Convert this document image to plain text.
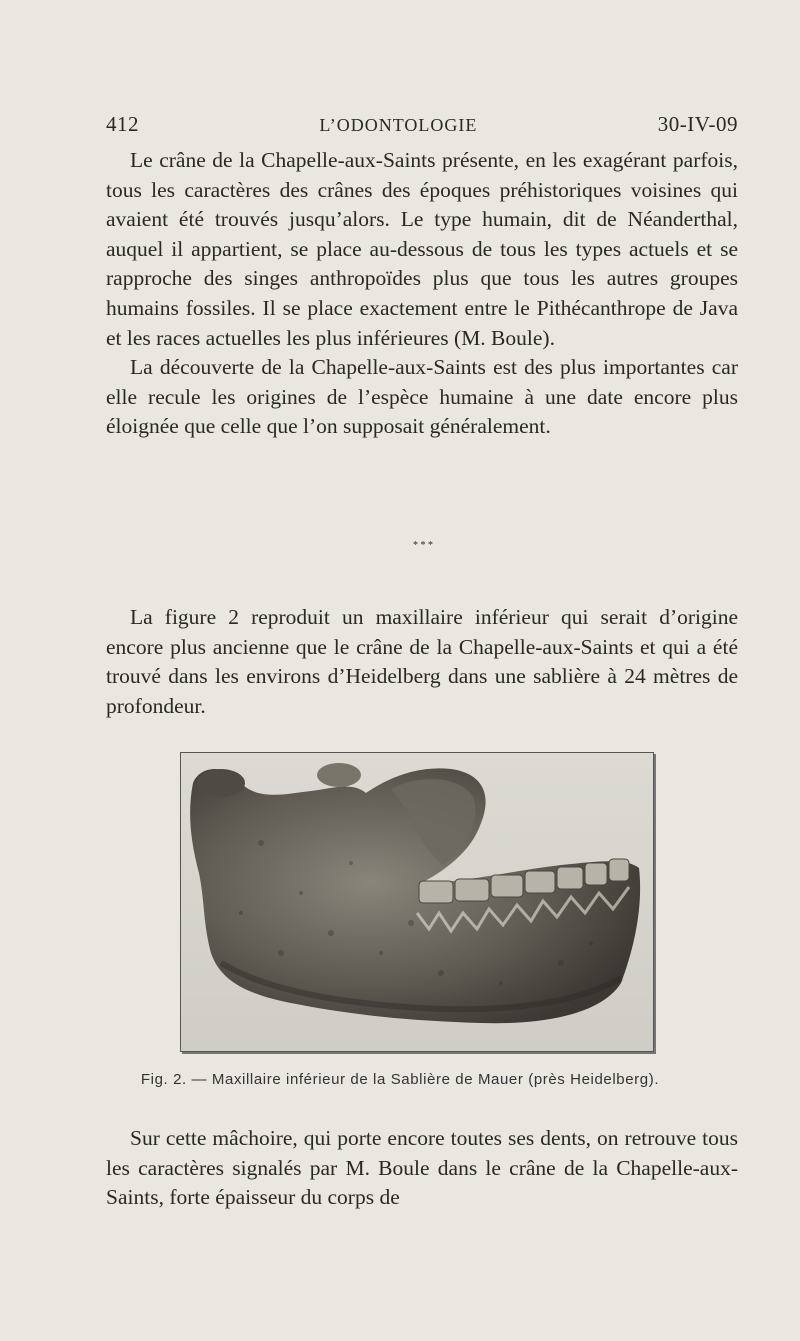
412	L’ODONTOLOGIE	30-IV-09

Le crâne de la Chapelle-aux-Saints présente, en les exagérant parfois, tous les caractères des crânes des époques préhistoriques voisines qui avaient été trouvés jusqu’alors. Le type humain, dit de Néanderthal, auquel il appartient, se place au-dessous de tous les types actuels et se rapproche des singes anthropoïdes plus que tous les autres groupes humains fossiles. Il se place exactement entre le Pithécanthrope de Java et les races actuelles les plus inférieures (M. Boule).

La découverte de la Chapelle-aux-Saints est des plus importantes car elle recule les origines de l’espèce humaine à une date encore plus éloignée que celle que l’on supposait généralement.

* * *

La figure 2 reproduit un maxillaire inférieur qui serait d’origine encore plus ancienne que le crâne de la Chapelle-aux-Saints et qui a été trouvé dans les environs d’Heidelberg dans une sablière à 24 mètres de profondeur.

Fig. 2. — Maxillaire inférieur de la Sablière de Mauer (près Heidelberg).

Sur cette mâchoire, qui porte encore toutes ses dents, on retrouve tous les caractères signalés par M. Boule dans le crâne de la Chapelle-aux-Saints, forte épaisseur du corps de
